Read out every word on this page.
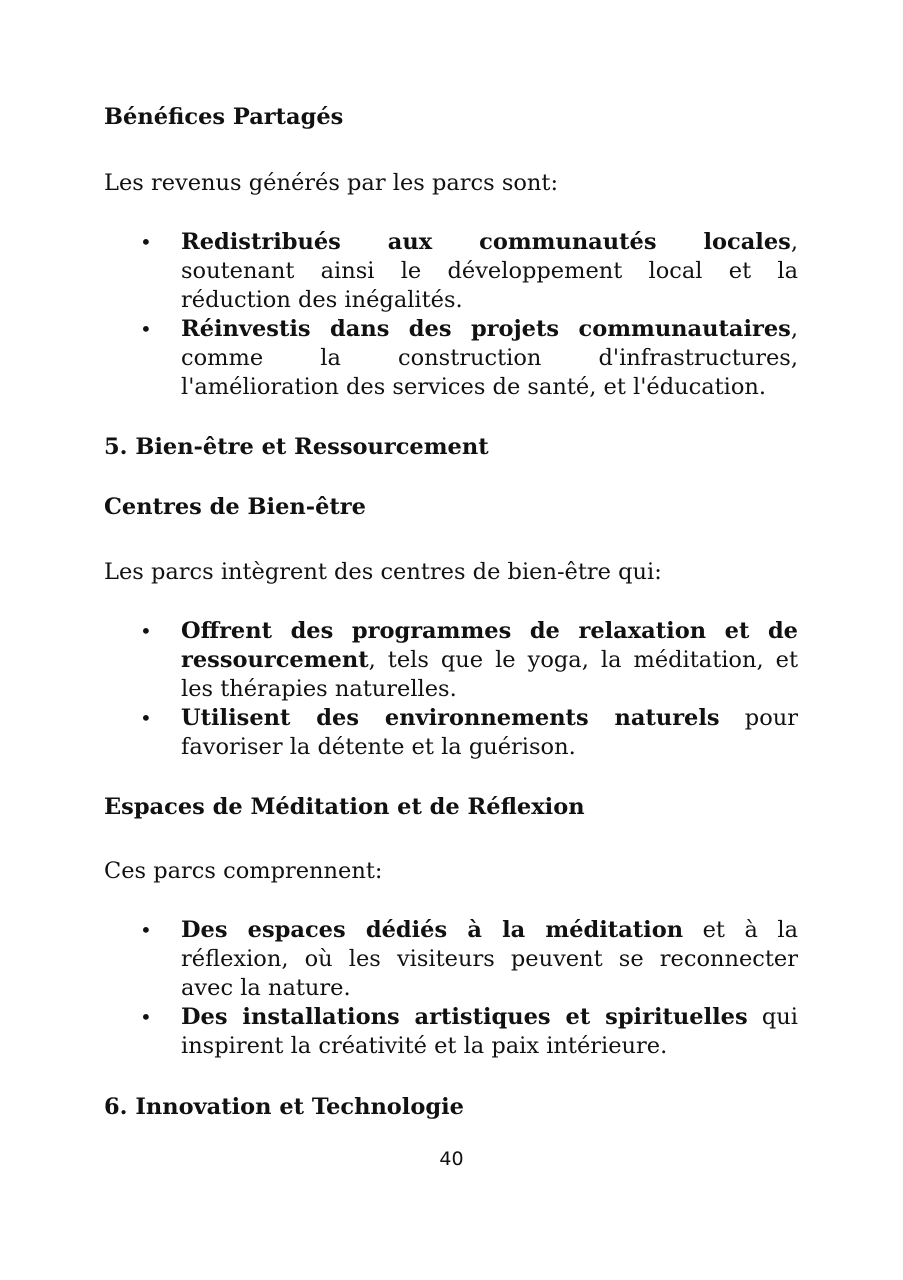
Bénéfices Partagés
Les revenus générés par les parcs sont:
• Redistribués aux communautés locales, soutenant ainsi le développement local et la réduction des inégalités.
• Réinvestis dans des projets communautaires, comme la construction d'infrastructures, l'amélioration des services de santé, et l'éducation.
5. Bien-être et Ressourcement
Centres de Bien-être
Les parcs intègrent des centres de bien-être qui:
• Offrent des programmes de relaxation et de ressourcement, tels que le yoga, la méditation, et les thérapies naturelles.
• Utilisent des environnements naturels pour favoriser la détente et la guérison.
Espaces de Méditation et de Réflexion
Ces parcs comprennent:
• Des espaces dédiés à la méditation et à la réflexion, où les visiteurs peuvent se reconnecter avec la nature.
• Des installations artistiques et spirituelles qui inspirent la créativité et la paix intérieure.
6. Innovation et Technologie
40
